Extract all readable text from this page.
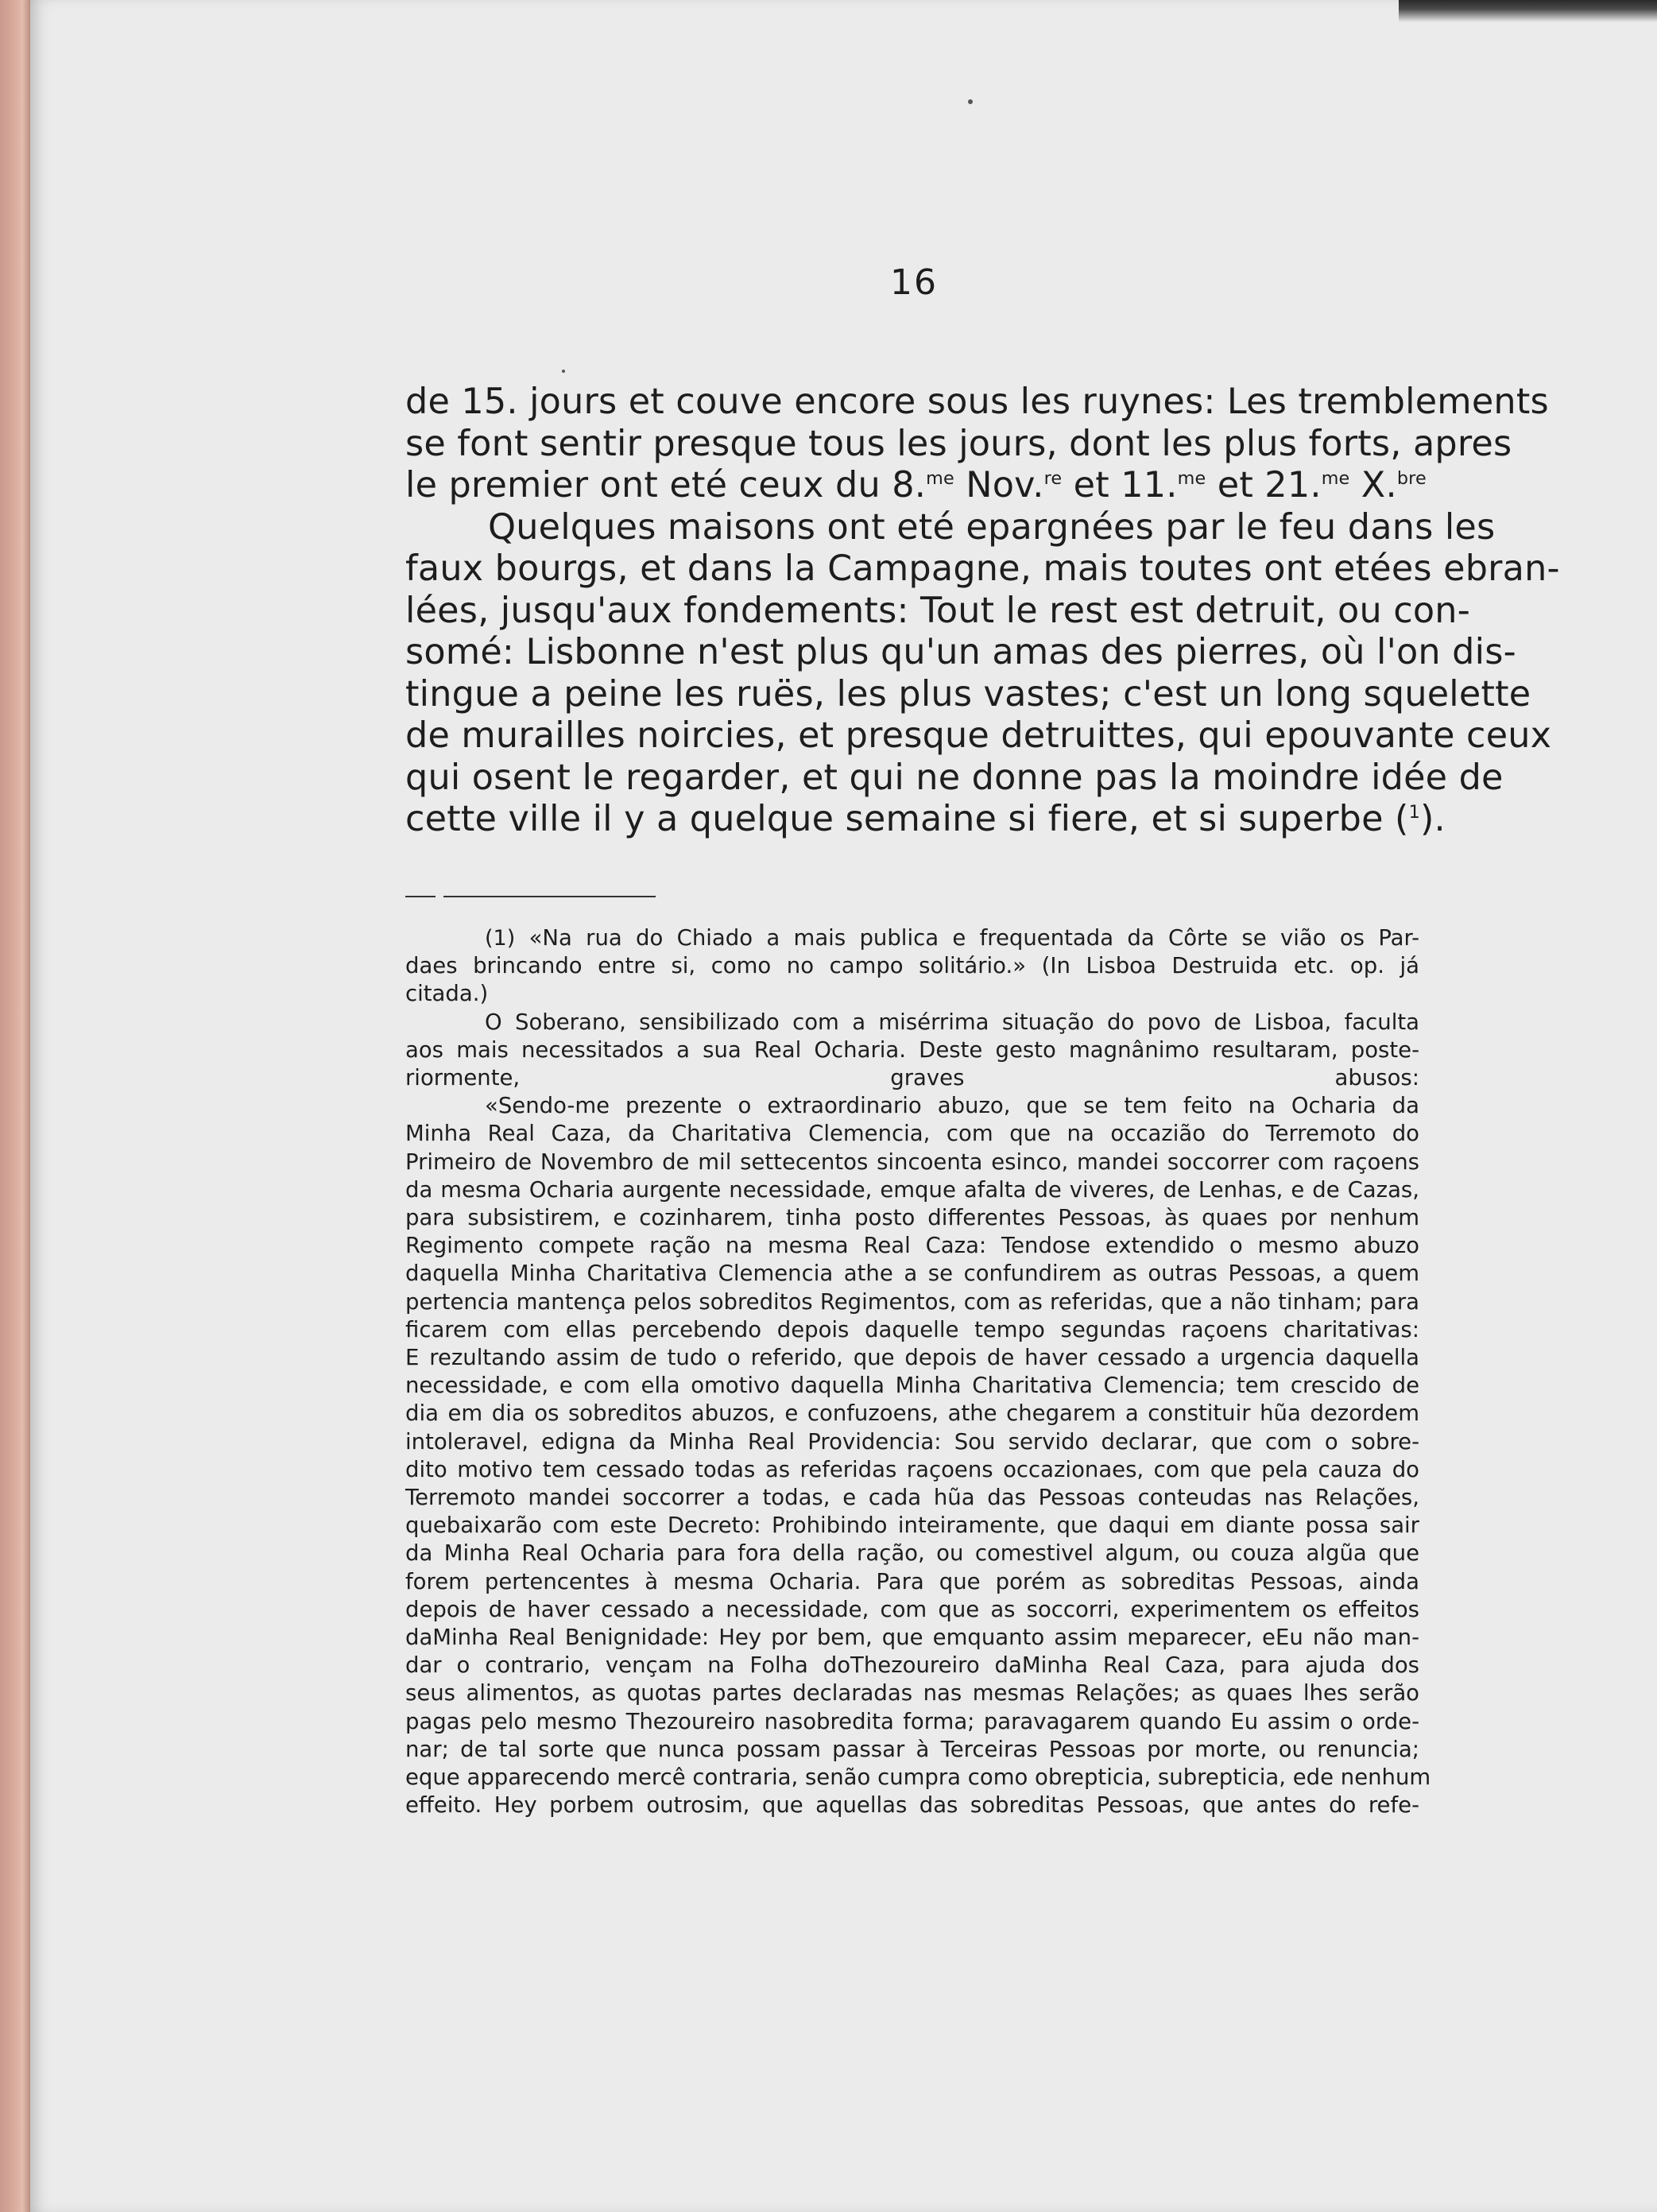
16
de 15. jours et couve encore sous les ruynes: Les tremblements
se font sentir presque tous les jours, dont les plus forts, apres
le premier ont eté ceux du 8.$^{me}$ Nov.$^{re}$ et 11.$^{me}$ et 21.$^{me}$ X.$^{bre}$
Quelques maisons ont eté epargnées par le feu dans les
faux bourgs, et dans la Campagne, mais toutes ont etées ebran-
lées, jusqu'aux fondements: Tout le rest est detruit, ou con-
somé: Lisbonne n'est plus qu'un amas des pierres, où l'on dis-
tingue a peine les ruës, les plus vastes; c'est un long squelette
de murailles noircies, et presque detruittes, qui epouvante ceux
qui osent le regarder, et qui ne donne pas la moindre idée de
cette ville il y a quelque semaine si fiere, et si superbe ($^1$).
(1) «Na rua do Chiado a mais publica e frequentada da Côrte se vião os Par-
daes brincando entre si, como no campo solitário.» (In Lisboa Destruida etc. op. já
citada.)
O Soberano, sensibilizado com a misérrima situação do povo de Lisboa, faculta
aos mais necessitados a sua Real Ocharia. Deste gesto magnânimo resultaram, poste-
riormente, graves abusos:
«Sendo-me prezente o extraordinario abuzo, que se tem feito na Ocharia da
Minha Real Caza, da Charitativa Clemencia, com que na occazião do Terremoto do
Primeiro de Novembro de mil settecentos sincoenta esinco, mandei soccorrer com raçoens
da mesma Ocharia aurgente necessidade, emque afalta de viveres, de Lenhas, e de Cazas,
para subsistirem, e cozinharem, tinha posto differentes Pessoas, às quaes por nenhum
Regimento compete ração na mesma Real Caza: Tendose extendido o mesmo abuzo
daquella Minha Charitativa Clemencia athe a se confundirem as outras Pessoas, a quem
pertencia mantença pelos sobreditos Regimentos, com as referidas, que a não tinham; para
ficarem com ellas percebendo depois daquelle tempo segundas raçoens charitativas:
E rezultando assim de tudo o referido, que depois de haver cessado a urgencia daquella
necessidade, e com ella omotivo daquella Minha Charitativa Clemencia; tem crescido de
dia em dia os sobreditos abuzos, e confuzoens, athe chegarem a constituir hũa dezordem
intoleravel, edigna da Minha Real Providencia: Sou servido declarar, que com o sobre-
dito motivo tem cessado todas as referidas raçoens occazionaes, com que pela cauza do
Terremoto mandei soccorrer a todas, e cada hũa das Pessoas conteudas nas Relações,
quebaixarão com este Decreto: Prohibindo inteiramente, que daqui em diante possa sair
da Minha Real Ocharia para fora della ração, ou comestivel algum, ou couza algũa que
forem pertencentes à mesma Ocharia. Para que porém as sobreditas Pessoas, ainda
depois de haver cessado a necessidade, com que as soccorri, experimentem os effeitos
daMinha Real Benignidade: Hey por bem, que emquanto assim meparecer, eEu não man-
dar o contrario, vençam na Folha doThezoureiro daMinha Real Caza, para ajuda dos
seus alimentos, as quotas partes declaradas nas mesmas Relações; as quaes lhes serão
pagas pelo mesmo Thezoureiro nasobredita forma; paravagarem quando Eu assim o orde-
nar; de tal sorte que nunca possam passar à Terceiras Pessoas por morte, ou renuncia;
eque apparecendo mercê contraria, senão cumpra como obrepticia, subrepticia, ede nenhum
effeito. Hey porbem outrosim, que aquellas das sobreditas Pessoas, que antes do refe-
